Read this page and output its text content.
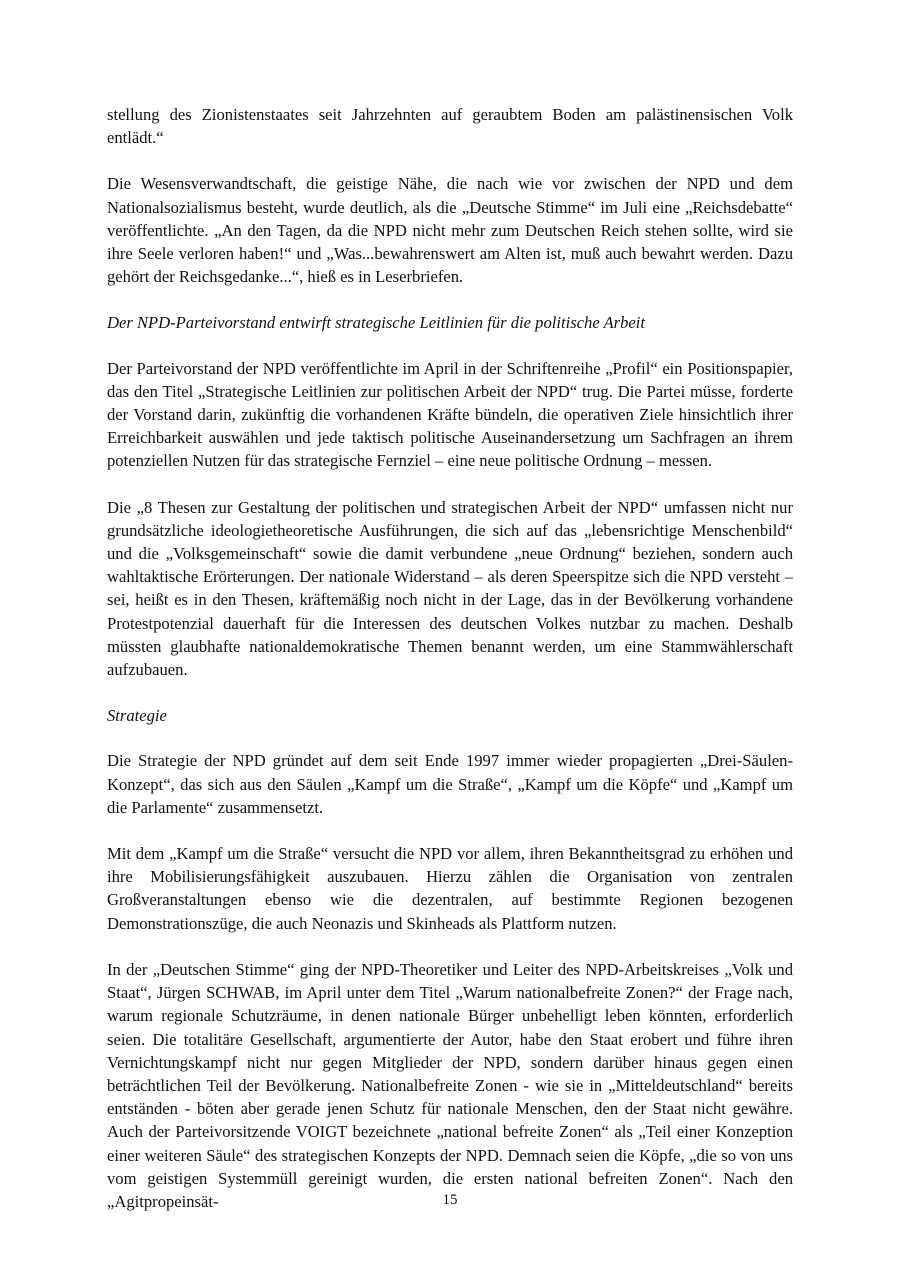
stellung des Zionistenstaates seit Jahrzehnten auf geraubtem Boden am palästinensischen Volk entlädt.“

Die Wesensverwandtschaft, die geistige Nähe, die nach wie vor zwischen der NPD und dem Nationalsozialismus besteht, wurde deutlich, als die „Deutsche Stimme“ im Juli eine „Reichsdebatte“ veröffentlichte. „An den Tagen, da die NPD nicht mehr zum Deutschen Reich stehen sollte, wird sie ihre Seele verloren haben!“ und „Was...bewahrenswert am Alten ist, muß auch bewahrt werden. Dazu gehört der Reichsgedanke...“, hieß es in Leserbriefen.

Der NPD-Parteivorstand entwirft strategische Leitlinien für die politische Arbeit

Der Parteivorstand der NPD veröffentlichte im April in der Schriftenreihe „Profil“ ein Positionspapier, das den Titel „Strategische Leitlinien zur politischen Arbeit der NPD“ trug. Die Partei müsse, forderte der Vorstand darin, zukünftig die vorhandenen Kräfte bündeln, die operativen Ziele hinsichtlich ihrer Erreichbarkeit auswählen und jede taktisch politische Auseinandersetzung um Sachfragen an ihrem potenziellen Nutzen für das strategische Fernziel – eine neue politische Ordnung – messen.

Die „8 Thesen zur Gestaltung der politischen und strategischen Arbeit der NPD“ umfassen nicht nur grundsätzliche ideologietheoretische Ausführungen, die sich auf das „lebensrichtige Menschenbild“ und die „Volksgemeinschaft“ sowie die damit verbundene „neue Ordnung“ beziehen, sondern auch wahltaktische Erörterungen. Der nationale Widerstand – als deren Speerspitze sich die NPD versteht – sei, heißt es in den Thesen, kräftemäßig noch nicht in der Lage, das in der Bevölkerung vorhandene Protestpotenzial dauerhaft für die Interessen des deutschen Volkes nutzbar zu machen. Deshalb müssten glaubhafte nationaldemokratische Themen benannt werden, um eine Stammwählerschaft aufzubauen.

Strategie

Die Strategie der NPD gründet auf dem seit Ende 1997 immer wieder propagierten „Drei-Säulen-Konzept“, das sich aus den Säulen „Kampf um die Straße“, „Kampf um die Köpfe“ und „Kampf um die Parlamente“ zusammensetzt.

Mit dem „Kampf um die Straße“ versucht die NPD vor allem, ihren Bekanntheitsgrad zu erhöhen und ihre Mobilisierungsfähigkeit auszubauen. Hierzu zählen die Organisation von zentralen Großveranstaltungen ebenso wie die dezentralen, auf bestimmte Regionen bezogenen Demonstrationszüge, die auch Neonazis und Skinheads als Plattform nutzen.

In der „Deutschen Stimme“ ging der NPD-Theoretiker und Leiter des NPD-Arbeitskreises „Volk und Staat“, Jürgen SCHWAB, im April unter dem Titel „Warum nationalbefreite Zonen?“ der Frage nach, warum regionale Schutzräume, in denen nationale Bürger unbehelligt leben könnten, erforderlich seien. Die totalitäre Gesellschaft, argumentierte der Autor, habe den Staat erobert und führe ihren Vernichtungskampf nicht nur gegen Mitglieder der NPD, sondern darüber hinaus gegen einen beträchtlichen Teil der Bevölkerung. Nationalbefreite Zonen - wie sie in „Mitteldeutschland“ bereits entständen - böten aber gerade jenen Schutz für nationale Menschen, den der Staat nicht gewähre. Auch der Parteivorsitzende VOIGT bezeichnete „national befreite Zonen“ als „Teil einer Konzeption einer weiteren Säule“ des strategischen Konzepts der NPD. Demnach seien die Köpfe, „die so von uns vom geistigen Systemmüll gereinigt wurden, die ersten national befreiten Zonen“. Nach den „Agitpropeinsät-	15
